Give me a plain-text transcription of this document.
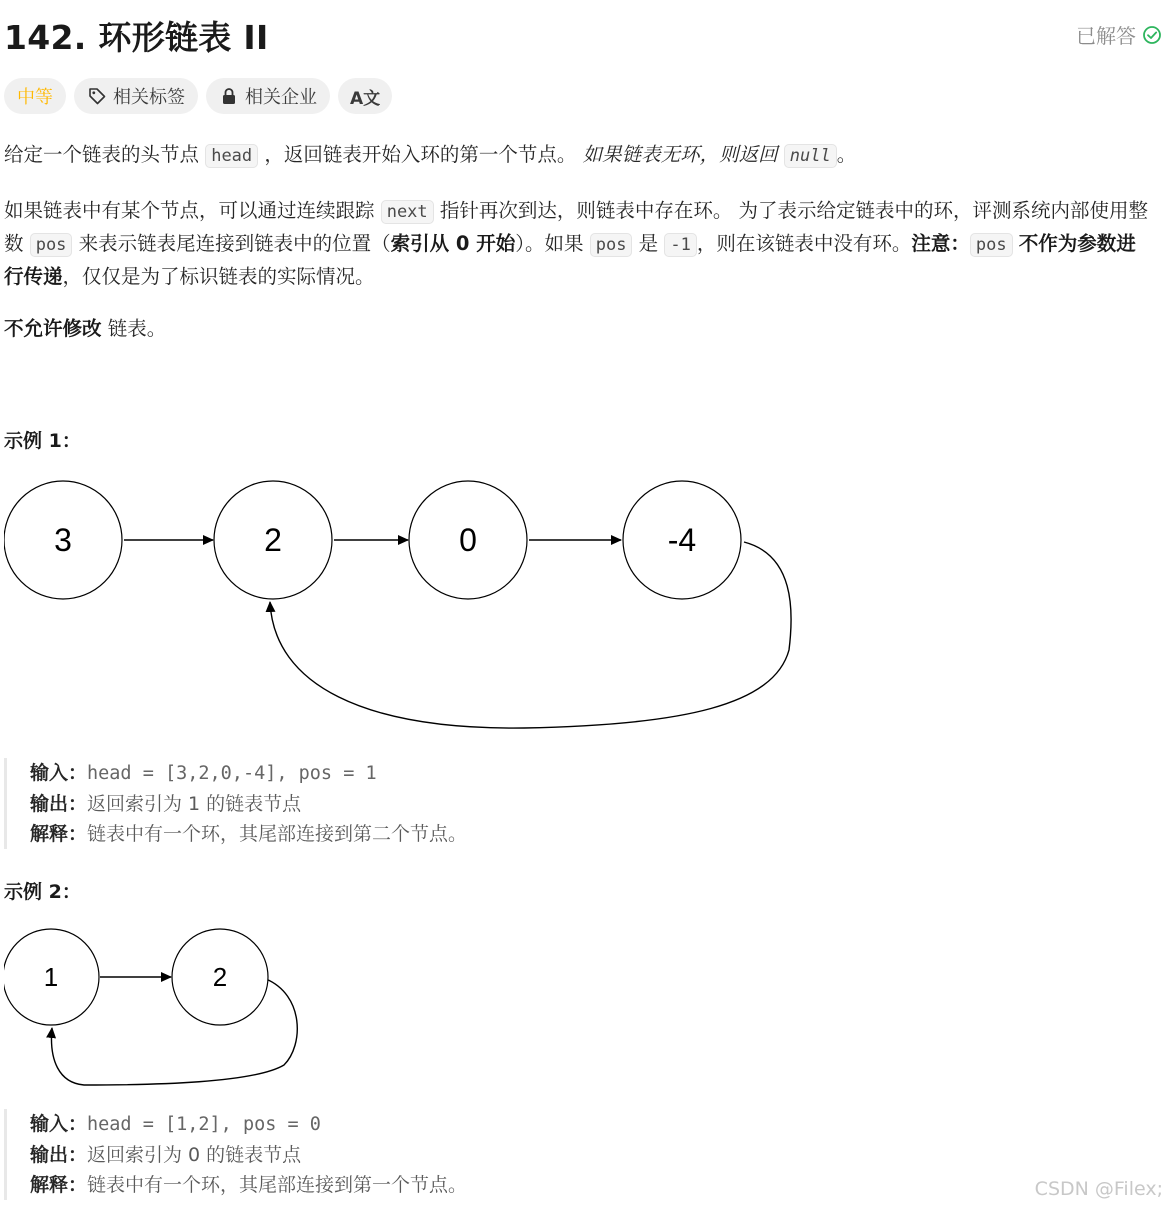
142. 环形链表 II	已解答
中等	相关标签	相关企业 A文
给定一个链表的头节点 head ，返回链表开始入环的第一个节点。 如果链表无环，则返回 null 。
如果链表中有某个节点，可以通过连续跟踪 next 指针再次到达，则链表中存在环。 为了表示给定链表中的环，评测系统内部使用整数 pos 来表示链表尾连接到链表中的位置（索引从 0 开始）。如果 pos 是 -1 ，则在该链表中没有环。注意： pos 不作为参数进行传递，仅仅是为了标识链表的实际情况。
不允许修改 链表。
示例 1：
3	2	0	-4
输入：head = [3,2,0,-4], pos = 1
输出：返回索引为 1 的链表节点
解释：链表中有一个环，其尾部连接到第二个节点。
示例 2：
1	2
输入：head = [1,2], pos = 0
输出：返回索引为 0 的链表节点
解释：链表中有一个环，其尾部连接到第一个节点。	CSDN @Filex;
